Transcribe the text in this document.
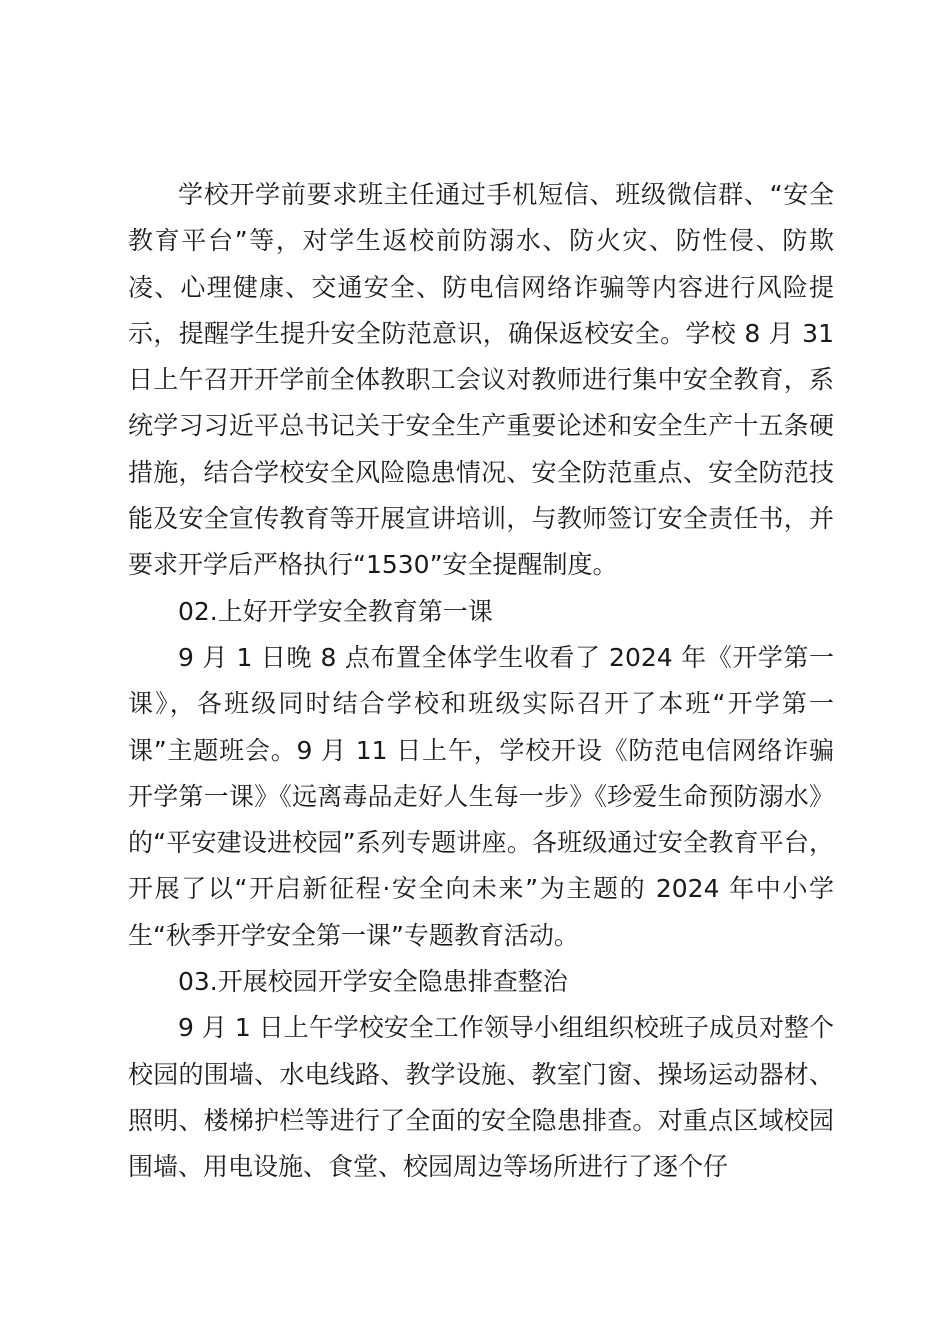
学校开学前要求班主任通过手机短信、班级微信群、“安全教育平台”等，对学生返校前防溺水、防火灾、防性侵、防欺凌、心理健康、交通安全、防电信网络诈骗等内容进行风险提示，提醒学生提升安全防范意识，确保返校安全。学校 8 月 31 日上午召开开学前全体教职工会议对教师进行集中安全教育，系统学习习近平总书记关于安全生产重要论述和安全生产十五条硬措施，结合学校安全风险隐患情况、安全防范重点、安全防范技能及安全宣传教育等开展宣讲培训，与教师签订安全责任书，并要求开学后严格执行“1530”安全提醒制度。

02.上好开学安全教育第一课

9 月 1 日晚 8 点布置全体学生收看了 2024 年《开学第一课》，各班级同时结合学校和班级实际召开了本班“开学第一课”主题班会。9 月 11 日上午，学校开设《防范电信网络诈骗开学第一课》《远离毒品走好人生每一步》《珍爱生命预防溺水》的“平安建设进校园”系列专题讲座。各班级通过安全教育平台，开展了以“开启新征程·安全向未来”为主题的 2024 年中小学生“秋季开学安全第一课”专题教育活动。

03.开展校园开学安全隐患排查整治

9 月 1 日上午学校安全工作领导小组组织校班子成员对整个校园的围墙、水电线路、教学设施、教室门窗、操场运动器材、照明、楼梯护栏等进行了全面的安全隐患排查。对重点区域校园围墙、用电设施、食堂、校园周边等场所进行了逐个仔
